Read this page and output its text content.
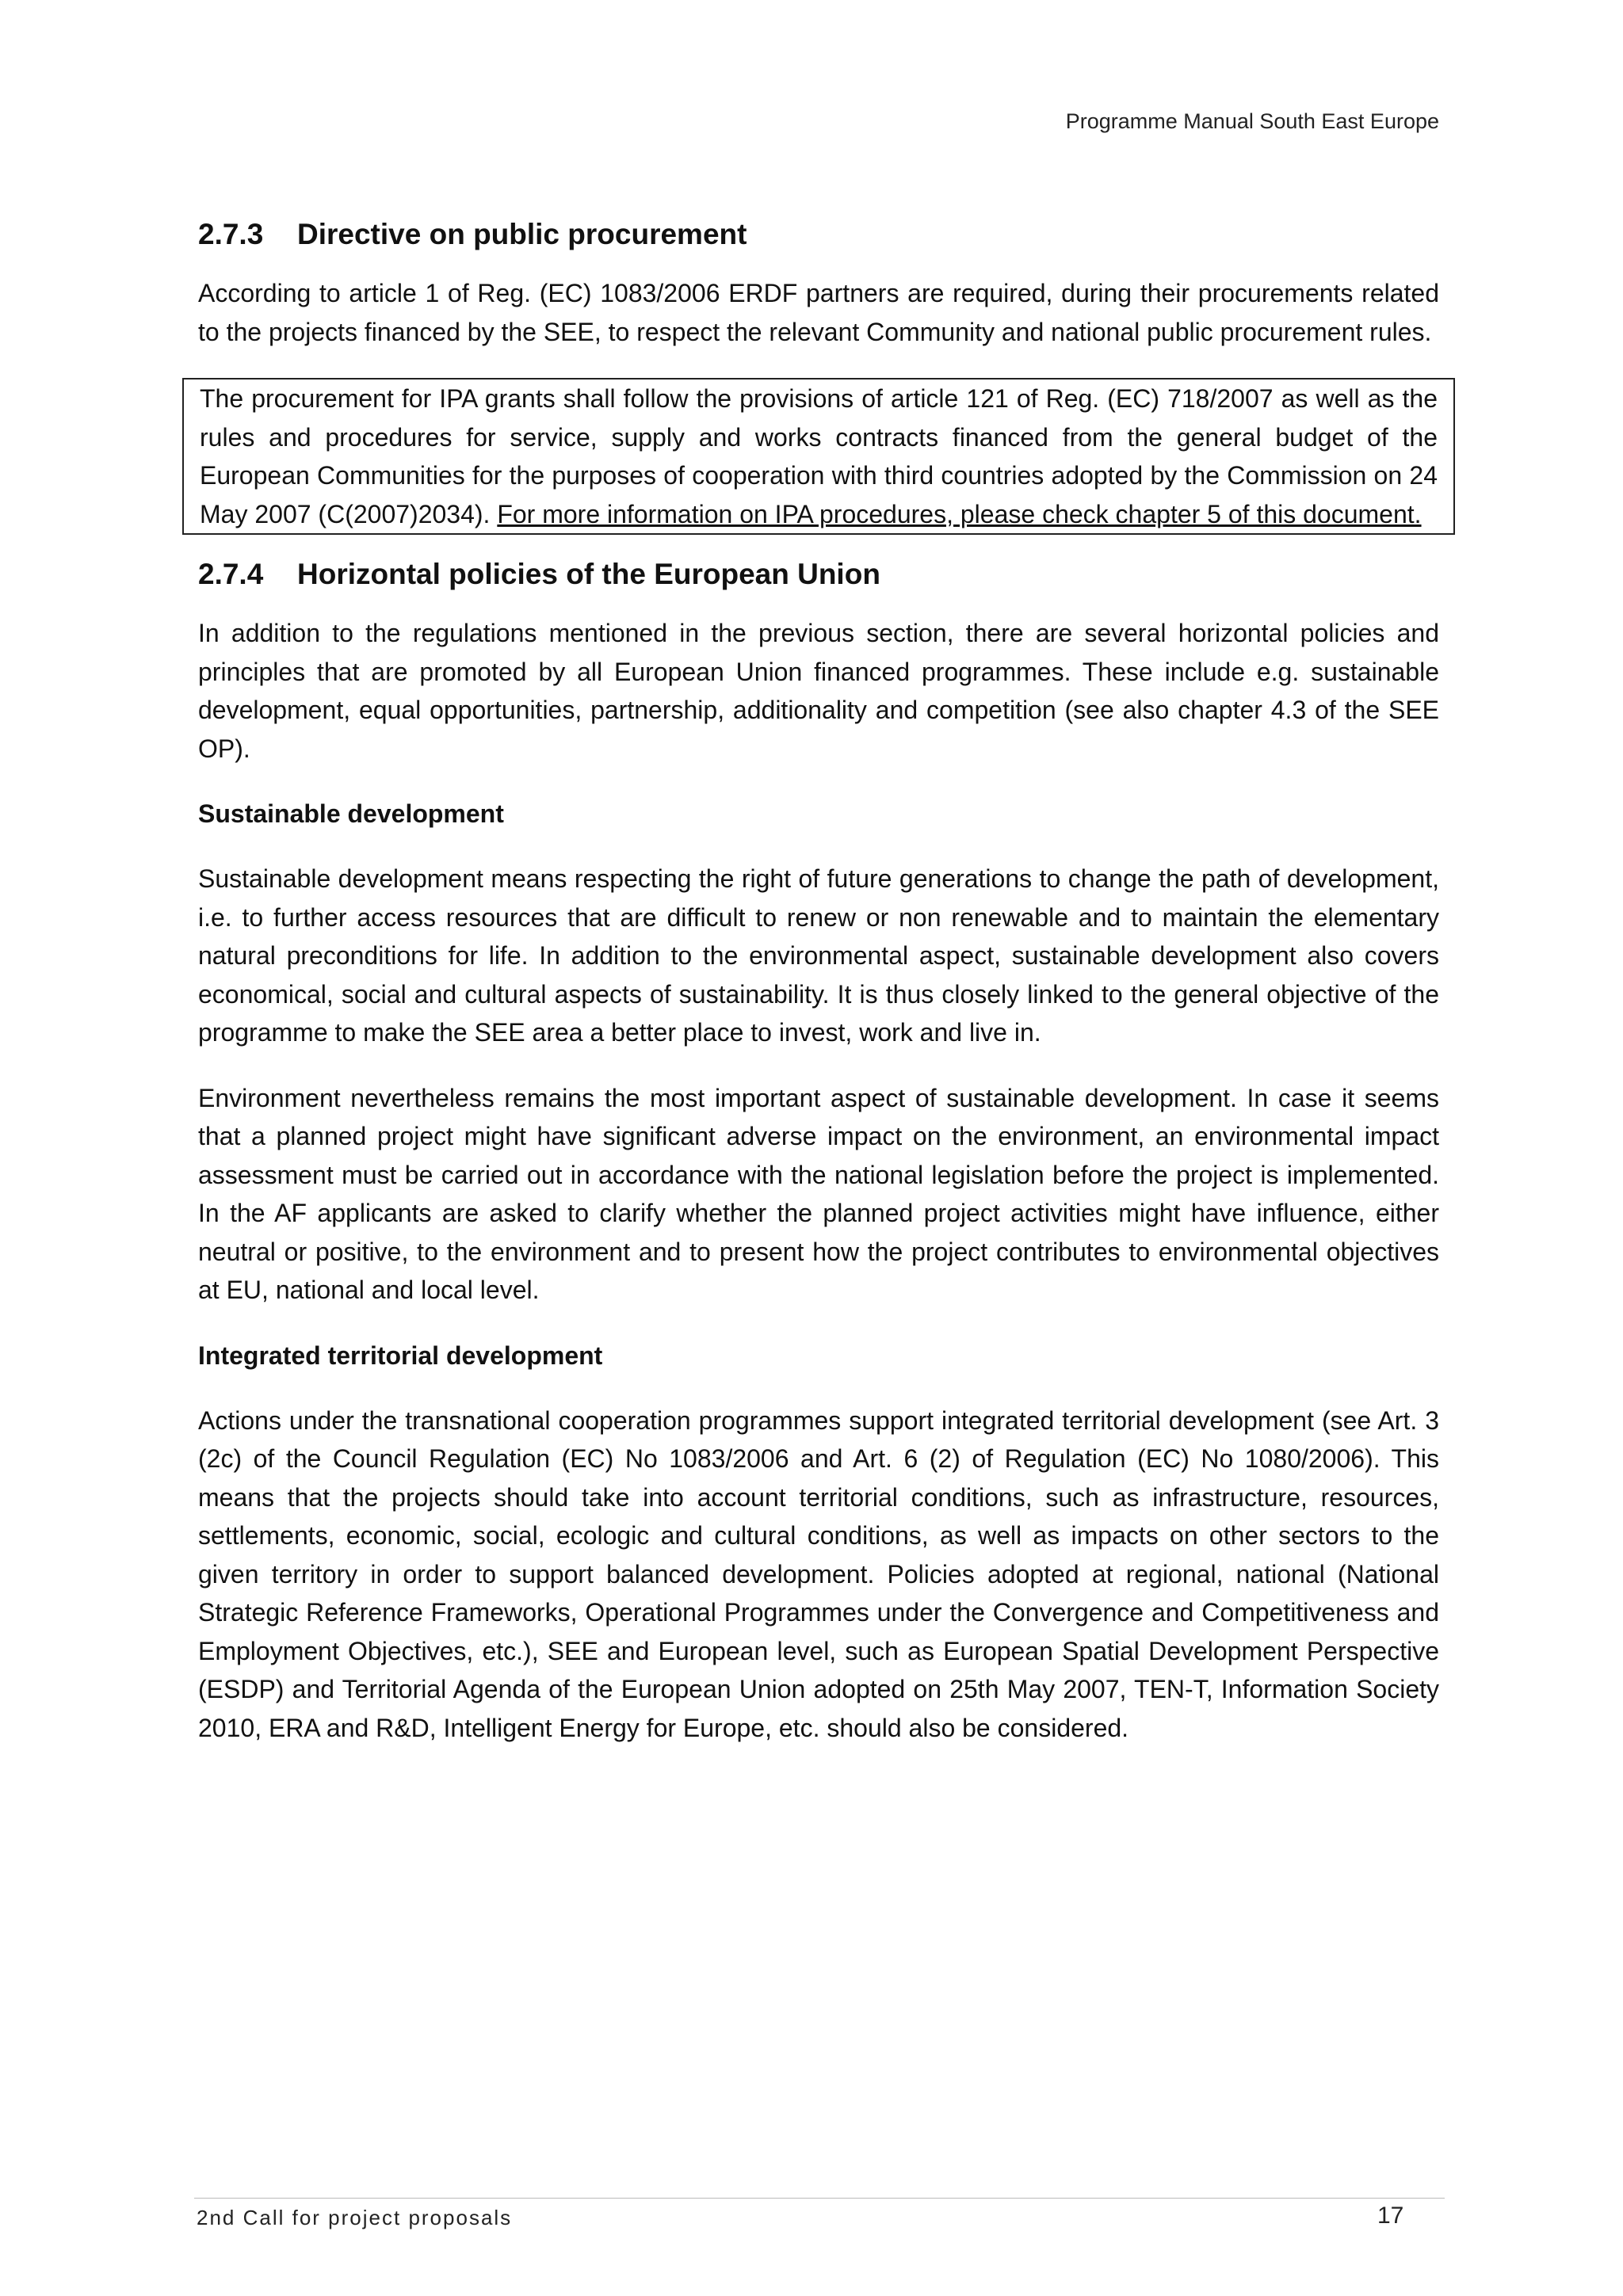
Programme Manual South East Europe
2.7.3 Directive on public procurement

According to article 1 of Reg. (EC) 1083/2006 ERDF partners are required, during their procurements related to the projects financed by the SEE, to respect the relevant Community and national public procurement rules.

The procurement for IPA grants shall follow the provisions of article 121 of Reg. (EC) 718/2007 as well as the rules and procedures for service, supply and works contracts financed from the general budget of the European Communities for the purposes of cooperation with third countries adopted by the Commission on 24 May 2007 (C(2007)2034). For more information on IPA procedures, please check chapter 5 of this document.

2.7.4 Horizontal policies of the European Union

In addition to the regulations mentioned in the previous section, there are several horizontal policies and principles that are promoted by all European Union financed programmes. These include e.g. sustainable development, equal opportunities, partnership, additionality and competition (see also chapter 4.3 of the SEE OP).

Sustainable development

Sustainable development means respecting the right of future generations to change the path of development, i.e. to further access resources that are difficult to renew or non renewable and to maintain the elementary natural preconditions for life. In addition to the environmental aspect, sustainable development also covers economical, social and cultural aspects of sustainability. It is thus closely linked to the general objective of the programme to make the SEE area a better place to invest, work and live in.

Environment nevertheless remains the most important aspect of sustainable development. In case it seems that a planned project might have significant adverse impact on the environment, an environmental impact assessment must be carried out in accordance with the national legislation before the project is implemented. In the AF applicants are asked to clarify whether the planned project activities might have influence, either neutral or positive, to the environment and to present how the project contributes to environmental objectives at EU, national and local level.

Integrated territorial development

Actions under the transnational cooperation programmes support integrated territorial development (see Art. 3 (2c) of the Council Regulation (EC) No 1083/2006 and Art. 6 (2) of Regulation (EC) No 1080/2006). This means that the projects should take into account territorial conditions, such as infrastructure, resources, settlements, economic, social, ecologic and cultural conditions, as well as impacts on other sectors to the given territory in order to support balanced development. Policies adopted at regional, national (National Strategic Reference Frameworks, Operational Programmes under the Convergence and Competitiveness and Employment Objectives, etc.), SEE and European level, such as European Spatial Development Perspective (ESDP) and Territorial Agenda of the European Union adopted on 25th May 2007, TEN-T, Information Society 2010, ERA and R&D, Intelligent Energy for Europe, etc. should also be considered.

2nd Call for project proposals	17
